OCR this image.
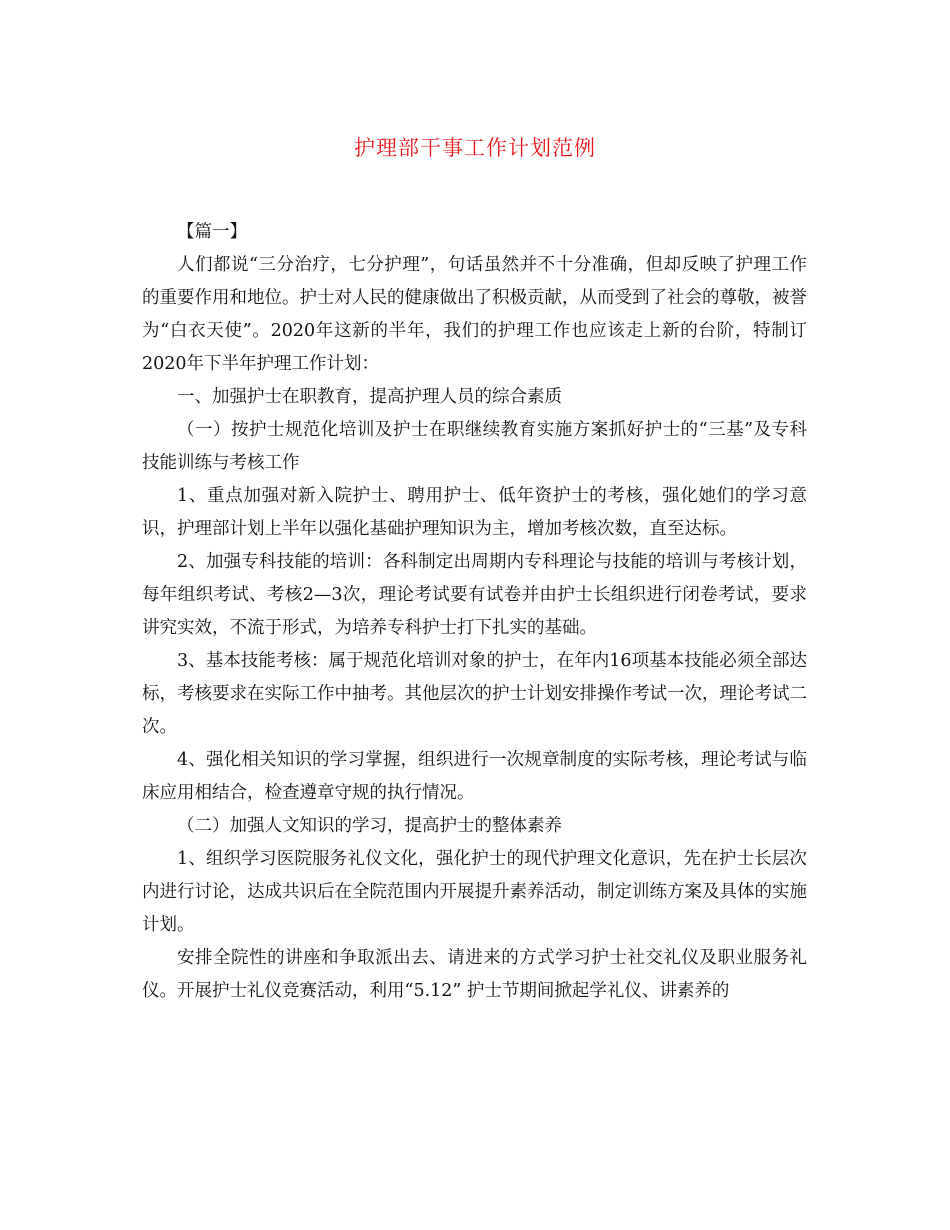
护理部干事工作计划范例

【篇一】

人们都说“三分治疗，七分护理”，句话虽然并不十分准确，但却反映了护理工作的重要作用和地位。护士对人民的健康做出了积极贡献，从而受到了社会的尊敬，被誉为“白衣天使”。2020年这新的半年，我们的护理工作也应该走上新的台阶，特制订2020年下半年护理工作计划：

一、加强护士在职教育，提高护理人员的综合素质

（一）按护士规范化培训及护士在职继续教育实施方案抓好护士的“三基”及专科技能训练与考核工作

1、重点加强对新入院护士、聘用护士、低年资护士的考核，强化她们的学习意识，护理部计划上半年以强化基础护理知识为主，增加考核次数，直至达标。

2、加强专科技能的培训：各科制定出周期内专科理论与技能的培训与考核计划，每年组织考试、考核2—3次，理论考试要有试卷并由护士长组织进行闭卷考试，要求讲究实效，不流于形式，为培养专科护士打下扎实的基础。

3、基本技能考核：属于规范化培训对象的护士，在年内16项基本技能必须全部达标，考核要求在实际工作中抽考。其他层次的护士计划安排操作考试一次，理论考试二次。

4、强化相关知识的学习掌握，组织进行一次规章制度的实际考核，理论考试与临床应用相结合，检查遵章守规的执行情况。

（二）加强人文知识的学习，提高护士的整体素养

1、组织学习医院服务礼仪文化，强化护士的现代护理文化意识，先在护士长层次内进行讨论，达成共识后在全院范围内开展提升素养活动，制定训练方案及具体的实施计划。

安排全院性的讲座和争取派出去、请进来的方式学习护士社交礼仪及职业服务礼仪。开展护士礼仪竞赛活动，利用“5.12” 护士节期间掀起学礼仪、讲素养的
